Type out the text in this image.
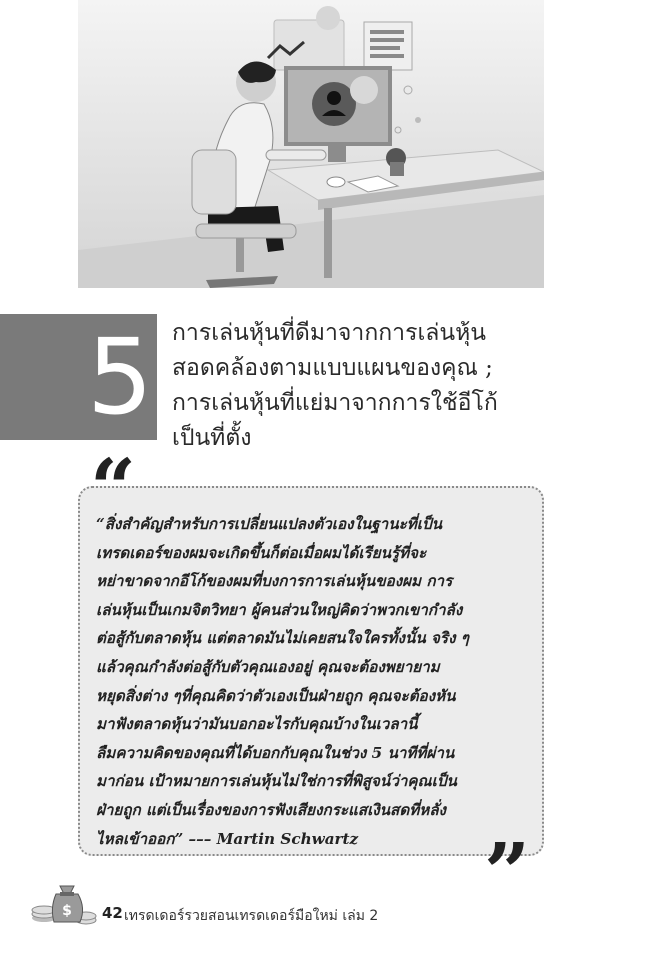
5 การเล่นหุ้นที่ดีมาจากการเล่นหุ้น
สอดคล้องตามแบบแผนของคุณ ;
การเล่นหุ้นที่แย่มาจากการใช้อีโก้
เป็นที่ตั้ง
“
“สิ่งสำคัญสำหรับการเปลี่ยนแปลงตัวเองในฐานะที่เป็น
เทรดเดอร์ของผมจะเกิดขึ้นก็ต่อเมื่อผมได้เรียนรู้ที่จะ
หย่าขาดจากอีโก้ของผมที่บงการการเล่นหุ้นของผม การ
เล่นหุ้นเป็นเกมจิตวิทยา ผู้คนส่วนใหญ่คิดว่าพวกเขากำลัง
ต่อสู้กับตลาดหุ้น แต่ตลาดมันไม่เคยสนใจใครทั้งนั้น จริง ๆ
แล้วคุณกำลังต่อสู้กับตัวคุณเองอยู่ คุณจะต้องพยายาม
หยุดสิ่งต่าง ๆที่คุณคิดว่าตัวเองเป็นฝ่ายถูก คุณจะต้องหัน
มาฟังตลาดหุ้นว่ามันบอกอะไรกับคุณบ้างในเวลานี้
ลืมความคิดของคุณที่ได้บอกกับคุณในช่วง 5 นาทีที่ผ่าน
มาก่อน เป้าหมายการเล่นหุ้นไม่ใช่การที่พิสูจน์ว่าคุณเป็น
ฝ่ายถูก แต่เป็นเรื่องของการฟังเสียงกระแสเงินสดที่หลั่ง
ไหลเข้าออก” ––– Martin Schwartz	”
$ 42 เทรดเดอร์รวยสอนเทรดเดอร์มือใหม่ เล่ม 2
